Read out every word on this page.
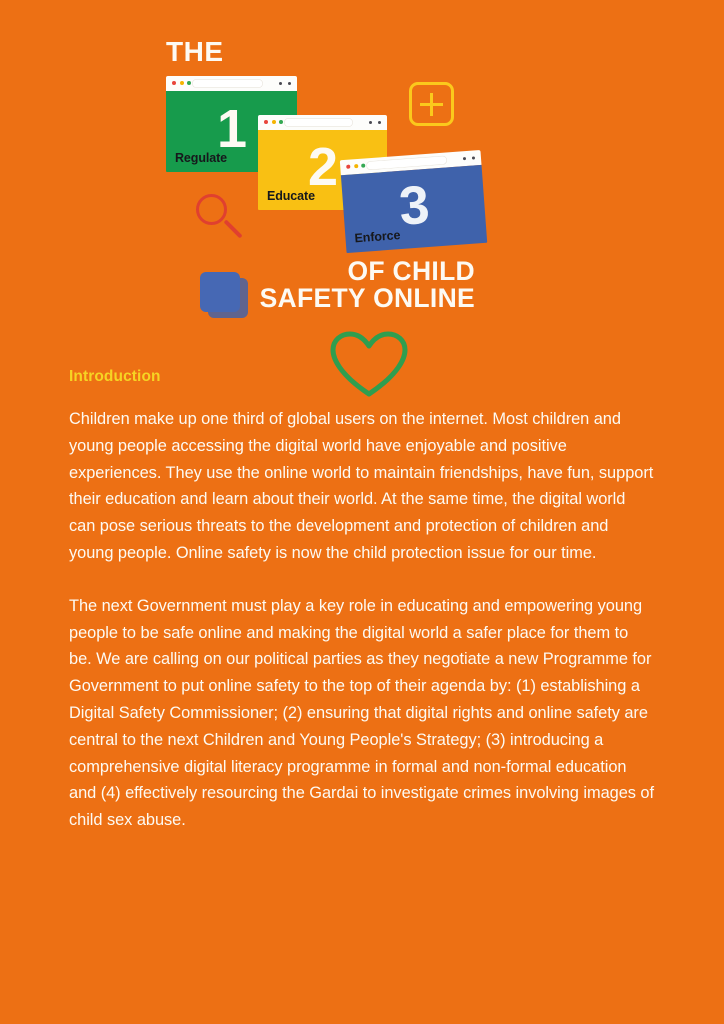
THE
1
Regulate	2
Educate	3
Enforce
OF CHILD
SAFETY ONLINE
Introduction

Children make up one third of global users on the internet. Most children and young people accessing the digital world have enjoyable and positive experiences. They use the online world to maintain friendships, have fun, support their education and learn about their world. At the same time, the digital world can pose serious threats to the development and protection of children and young people. Online safety is now the child protection issue for our time.

The next Government must play a key role in educating and empowering young people to be safe online and making the digital world a safer place for them to be. We are calling on our political parties as they negotiate a new Programme for Government to put online safety to the top of their agenda by: (1) establishing a Digital Safety Commissioner; (2) ensuring that digital rights and online safety are central to the next Children and Young People's Strategy; (3) introducing a comprehensive digital literacy programme in formal and non-formal education and (4) effectively resourcing the Gardai to investigate crimes involving images of child sex abuse.
